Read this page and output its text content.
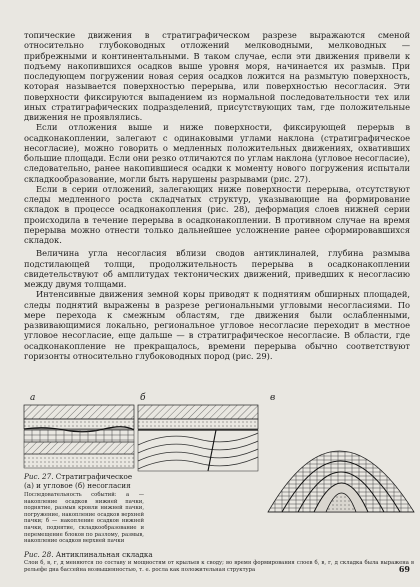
топические движения в стратиграфическом разрезе выражаются сменой относительно глубоководных отложений мелководными, мелководных — прибрежными и континентальными. В таком случае, если эти движения привели к подъему накопившихся осадков выше уровня моря, начинается их размыв. При последующем погружении новая серия осадков ложится на размытую поверхность, которая называется поверхностью перерыва, или поверхностью несогласия. Эти поверхности фиксируются выпадением из нормальной последовательности тех или иных стратиграфических подразделений, присутствующих там, где положительные движения не проявлялись.

Если отложения выше и ниже поверхности, фиксирующей перерыв в осадконакоплении, залегают с одинаковыми углами наклона (стратиграфическое несогласие), можно говорить о медленных положительных движениях, охвативших большие площади. Если они резко отличаются по углам наклона (угловое несогласие), следовательно, ранее накопившиеся осадки к моменту нового погружения испытали складкообразование, могли быть нарушены разрывами (рис. 27).

Если в серии отложений, залегающих ниже поверхности перерыва, отсутствуют следы медленного роста складчатых структур, указывающие на формирование складок в процессе осадконакопления (рис. 28), деформация слоев нижней серии происходила в течение перерыва в осадконакоплении. В противном случае на время перерыва можно отнести только дальнейшее усложнение ранее сформировавшихся складок.

Величина угла несогласия вблизи сводов антиклиналей, глубина размыва подстилающей толщи, продолжительность перерыва в осадконакоплении свидетельствуют об амплитудах тектонических движений, приведших к несогласию между двумя толщами.

Интенсивные движения земной коры приводят к поднятиям обширных площадей, следы поднятий выражены в разрезе региональными угловыми несогласиями. По мере перехода к смежным областям, где движения были ослабленными, развивающимися локально, региональное угловое несогласие переходит в местное угловое несогласие, еще дальше — в стратиграфическое несогласие. В области, где осадконакопление не прекращалось, времени перерыва обычно соответствуют горизонты относительно глубоководных пород (рис. 29).

а	б	в

Рис. 27. Стратиграфическое (а) и угловое (б) несогласия

Последовательность событий: а — накопление осадков нижней пачки, поднятие, размыв кровли нижней пачки, погружение, накопление осадков верхней пачки; б — накопление осадков нижней пачки, поднятие, складкообразование и перемещение блоков по разлому, размыв, накопление осадков верхней пачки

Рис. 28. Антиклинальная складка

Слои б, в, г, д меняются по составу и мощностям от крыльев к своду; во время формирования слоев б, в, г, д складка была выражена в рельефе дна бассейна возвышенностью, т. е. росла как положительная структура	69
